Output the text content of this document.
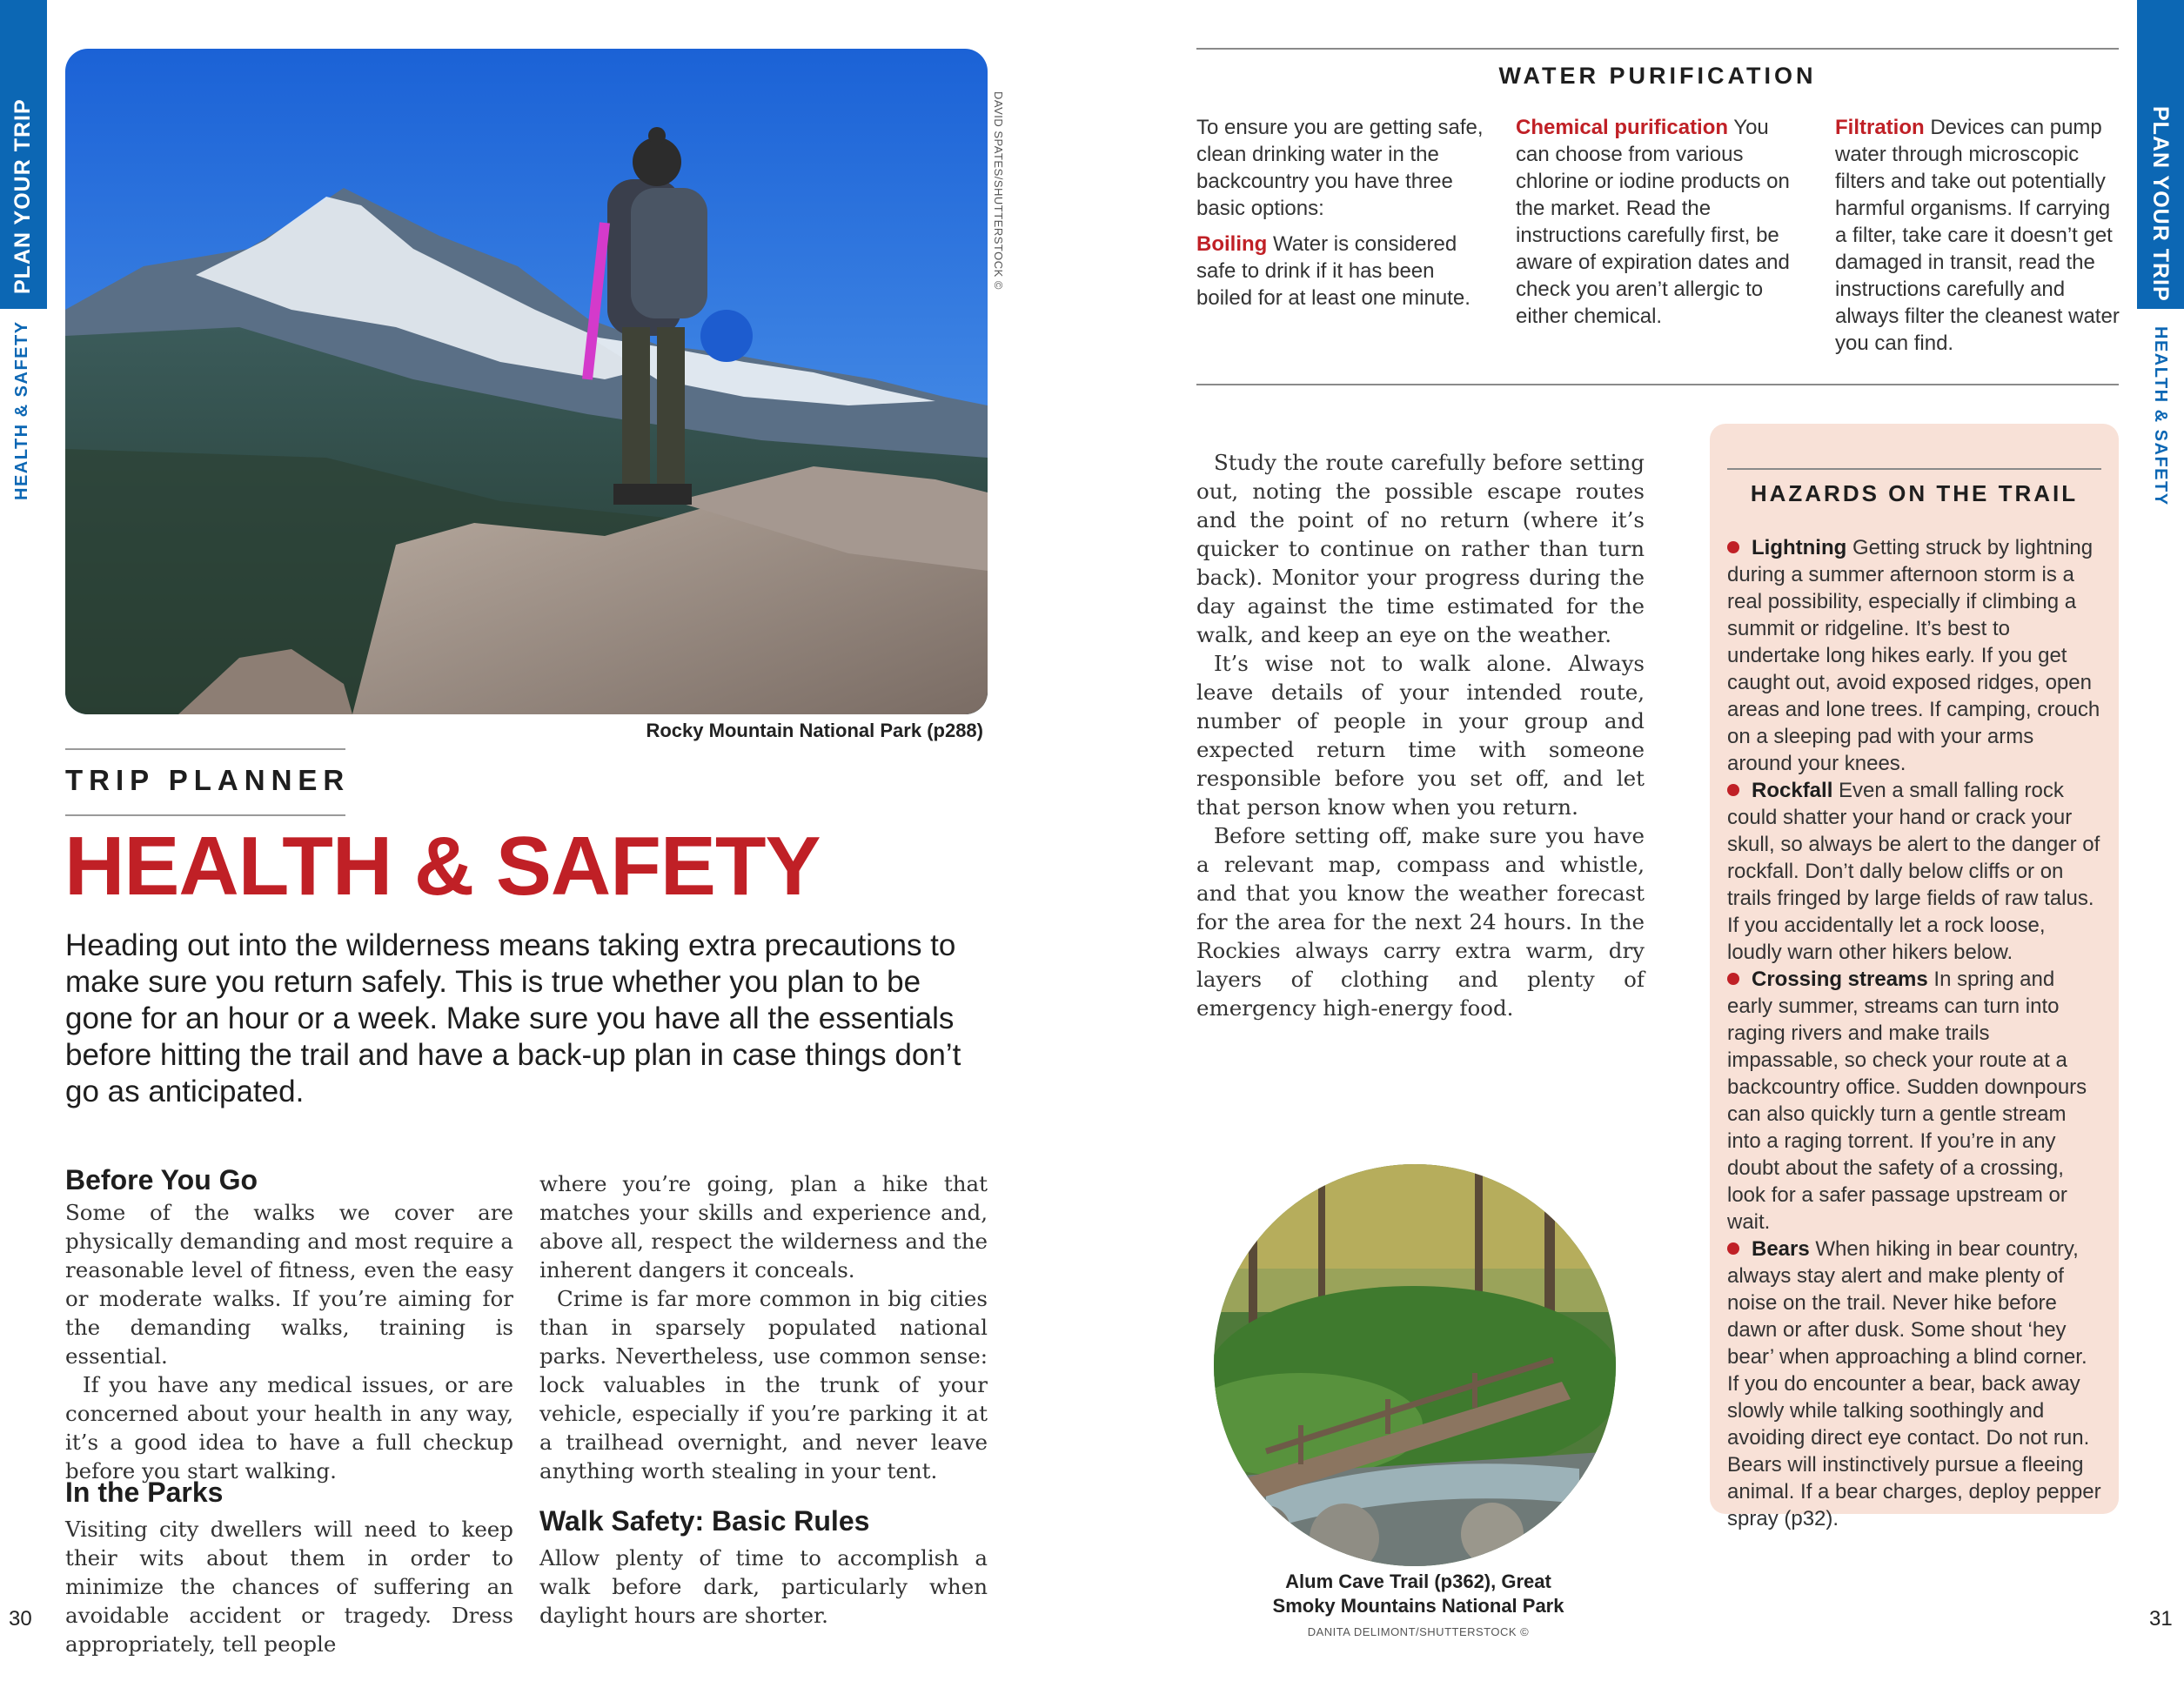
PLAN YOUR TRIP
HEALTH & SAFETY
PLAN YOUR TRIP
HEALTH & SAFETY
30	31
DAVID SPATES/SHUTTERSTOCK ©
Rocky Mountain National Park (p288)
TRIP PLANNER
HEALTH & SAFETY
Heading out into the wilderness means taking extra precautions to make sure you return safely. This is true whether you plan to be gone for an hour or a week. Make sure you have all the essentials before hitting the trail and have a back-up plan in case things don’t go as anticipated.
Before You Go

Some of the walks we cover are physically demanding and most require a reasonable level of fitness, even the easy or moderate walks. If you’re aiming for the demanding walks, training is essential.

If you have any medical issues, or are concerned about your health in any way, it’s a good idea to have a full checkup before you start walking.

In the Parks

Visiting city dwellers will need to keep their wits about them in order to minimize the chances of suffering an avoidable accident or tragedy. Dress appropriately, tell people

where you’re going, plan a hike that matches your skills and experience and, above all, respect the wilderness and the inherent dangers it conceals.

Crime is far more common in big cities than in sparsely populated national parks. Nevertheless, use common sense: lock valuables in the trunk of your vehicle, especially if you’re parking it at a trailhead overnight, and never leave anything worth stealing in your tent.

Walk Safety: Basic Rules

Allow plenty of time to accomplish a walk before dark, particularly when daylight hours are shorter.

WATER PURIFICATION

To ensure you are getting safe, clean drinking water in the backcountry you have three basic options:

Boiling Water is considered safe to drink if it has been boiled for at least one minute.

Chemical purification You can choose from various chlorine or iodine products on the market. Read the instructions carefully first, be aware of expiration dates and check you aren’t allergic to either chemical.

Filtration Devices can pump water through microscopic filters and take out potentially harmful organisms. If carrying a filter, take care it doesn’t get damaged in transit, read the instructions carefully and always filter the cleanest water you can find.

Study the route carefully before setting out, noting the possible escape routes and the point of no return (where it’s quicker to continue on rather than turn back). Monitor your progress during the day against the time estimated for the walk, and keep an eye on the weather.

It’s wise not to walk alone. Always leave details of your intended route, number of people in your group and expected return time with someone responsible before you set off, and let that person know when you return.

Before setting off, make sure you have a relevant map, compass and whistle, and that you know the weather forecast for the area for the next 24 hours. In the Rockies always carry extra warm, dry layers of clothing and plenty of emergency high-energy food.

Alum Cave Trail (p362), Great
Smoky Mountains National Park
DANITA DELIMONT/SHUTTERSTOCK ©
HAZARDS ON THE TRAIL
Lightning Getting struck by lightning during a summer afternoon storm is a real possibility, especially if climbing a summit or ridgeline. It’s best to undertake long hikes early. If you get caught out, avoid exposed ridges, open areas and lone trees. If camping, crouch on a sleeping pad with your arms around your knees.
Rockfall Even a small falling rock could shatter your hand or crack your skull, so always be alert to the danger of rockfall. Don’t dally below cliffs or on trails fringed by large fields of raw talus. If you accidentally let a rock loose, loudly warn other hikers below.
Crossing streams In spring and early summer, streams can turn into raging rivers and make trails impassable, so check your route at a backcountry office. Sudden downpours can also quickly turn a gentle stream into a raging torrent. If you’re in any doubt about the safety of a crossing, look for a safer passage upstream or wait.
Bears When hiking in bear country, always stay alert and make plenty of noise on the trail. Never hike before dawn or after dusk. Some shout ‘hey bear’ when approaching a blind corner. If you do encounter a bear, back away slowly while talking soothingly and avoiding direct eye contact. Do not run. Bears will instinctively pursue a fleeing animal. If a bear charges, deploy pepper spray (p32).
